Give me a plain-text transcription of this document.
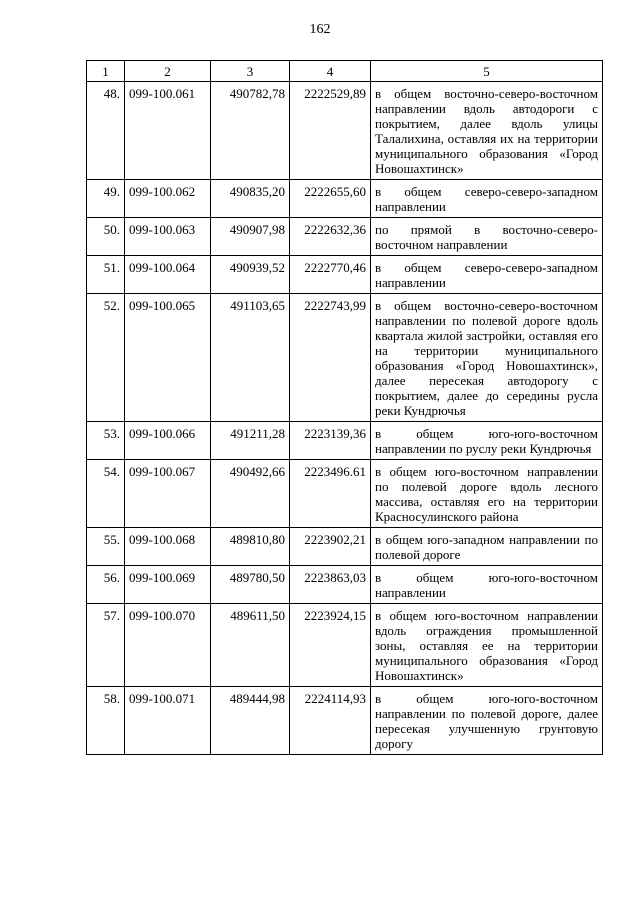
162
1	2	3	4	5
48.	099-100.061	490782,78	2222529,89	в общем восточно-северо-восточном направлении вдоль автодороги с покрытием, далее вдоль улицы Талалихина, оставляя их на территории муниципального образования «Город Новошахтинск»
49.	099-100.062	490835,20	2222655,60	в общем северо-северо-западном направлении
50.	099-100.063	490907,98	2222632,36	по прямой в восточно-северо-восточном направлении
51.	099-100.064	490939,52	2222770,46	в общем северо-северо-западном направлении
52.	099-100.065	491103,65	2222743,99	в общем восточно-северо-восточном направлении по полевой дороге вдоль квартала жилой застройки, оставляя его на территории муниципального образования «Город Новошахтинск», далее пересекая автодорогу с покрытием, далее до середины русла реки Кундрючья
53.	099-100.066	491211,28	2223139,36	в общем юго-юго-восточном направлении по руслу реки Кундрючья
54.	099-100.067	490492,66	2223496.61	в общем юго-восточном направлении по полевой дороге вдоль лесного массива, оставляя его на территории Красносулинского района
55.	099-100.068	489810,80	2223902,21	в общем юго-западном направлении по полевой дороге
56.	099-100.069	489780,50	2223863,03	в общем юго-юго-восточном направлении
57.	099-100.070	489611,50	2223924,15	в общем юго-восточном направлении вдоль ограждения промышленной зоны, оставляя ее на территории муниципального образования «Город Новошахтинск»
58.	099-100.071	489444,98	2224114,93	в общем юго-юго-восточном направлении по полевой дороге, далее пересекая улучшенную грунтовую дорогу
